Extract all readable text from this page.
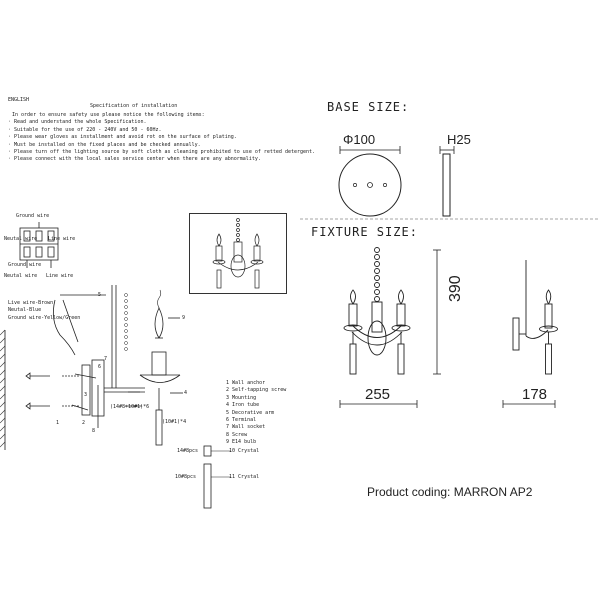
ENGLISH
Specification of installation
In order to ensure safety use please notice the following items:
· Read and understand the whole Specification.
· Suitable for the use of 220 - 240V and 50 - 60Hz.
· Please wear gloves as installment and avoid rot on the surface of plating.
· Must be installed on the fixed places and be checked annually.
· Please turn off the lighting source by soft cloth as cleaning prohibited to use of retted detergent.
· Please connect with the local sales service center when there are any abnormality.
BASE SIZE:
Φ100	H25
FIXTURE SIZE:
390
255	178
Product coding: MARRON AP2
Ground wire
Neutal wire Line wire
Ground wire
Neutal wire Line wire
Live wire-Brown
Neutal-Blue
Ground wire-Yellow/Green
1	2
3	4
5
6
7
8
9
(14#8+10#1)*6
(10#1)*4
1 Wall anchor
2 Self-tapping screw
3 Mounting
4 Iron tube
5 Decorative arm
6 Terminal
7 Wall socket
8 Screw
9 E14 bulb
14#8pcs	10 Crystal
10#8pcs	11 Crystal
